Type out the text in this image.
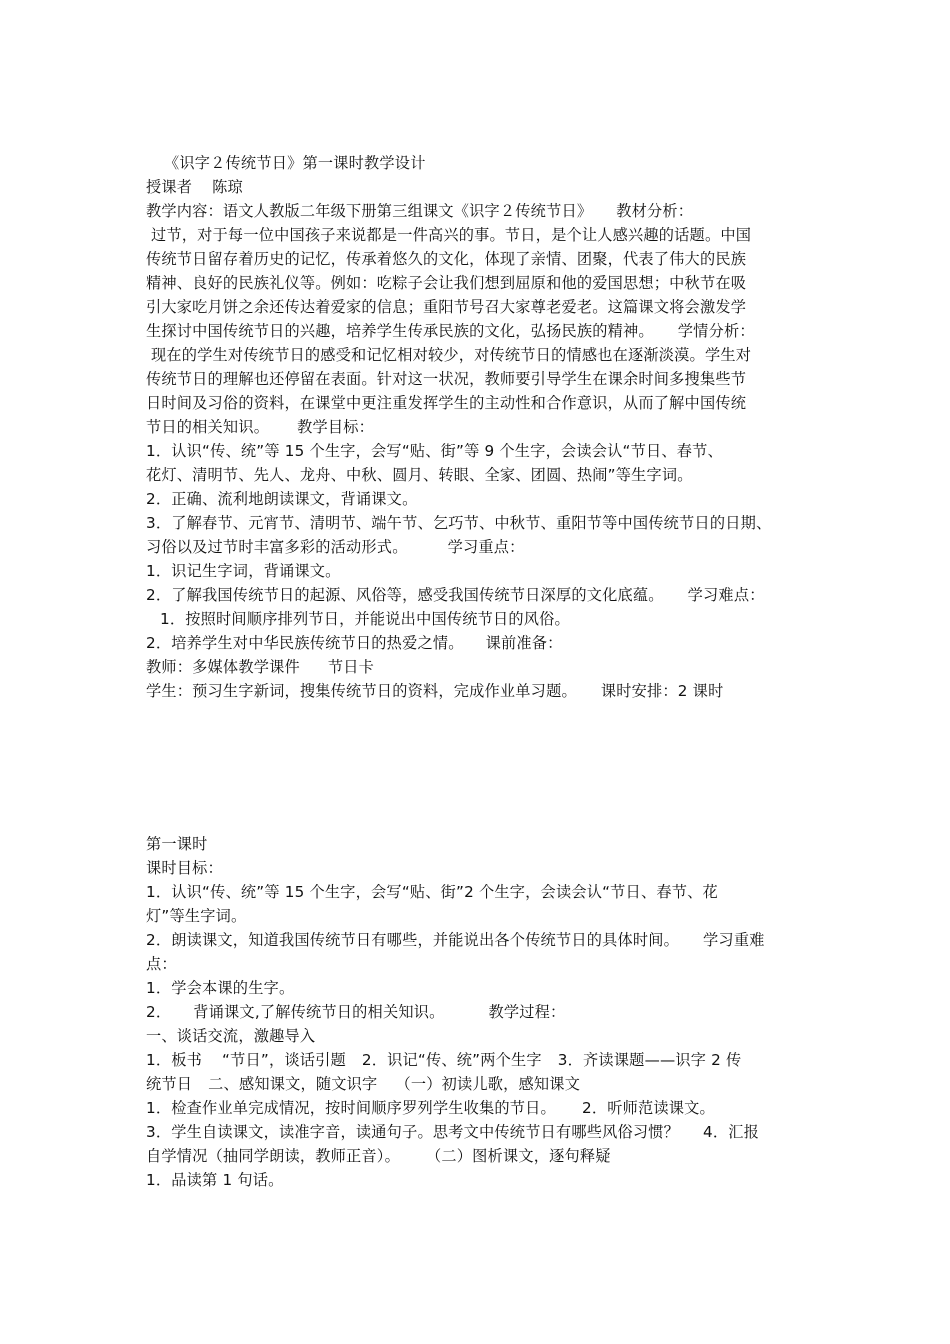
《识字２传统节日》第一课时教学设计
授课者 陈琼
教学内容：语文人教版二年级下册第三组课文《识字２传统节日》 教材分析：
过节，对于每一位中国孩子来说都是一件高兴的事。节日，是个让人感兴趣的话题。中国
传统节日留存着历史的记忆，传承着悠久的文化，体现了亲情、团聚，代表了伟大的民族
精神、良好的民族礼仪等。例如：吃粽子会让我们想到屈原和他的爱国思想；中秋节在吸
引大家吃月饼之余还传达着爱家的信息；重阳节号召大家尊老爱老。这篇课文将会激发学
生探讨中国传统节日的兴趣，培养学生传承民族的文化，弘扬民族的精神。 学情分析：
现在的学生对传统节日的感受和记忆相对较少，对传统节日的情感也在逐渐淡漠。学生对
传统节日的理解也还停留在表面。针对这一状况，教师要引导学生在课余时间多搜集些节
日时间及习俗的资料，在课堂中更注重发挥学生的主动性和合作意识，从而了解中国传统
节日的相关知识。 教学目标：
1．认识“传、统”等 15 个生字，会写“贴、街”等 9 个生字，会读会认“节日、春节、
花灯、清明节、先人、龙舟、中秋、圆月、转眼、全家、团圆、热闹”等生字词。
2．正确、流利地朗读课文，背诵课文。
3．了解春节、元宵节、清明节、端午节、乞巧节、中秋节、重阳节等中国传统节日的日期、
习俗以及过节时丰富多彩的活动形式。	学习重点：
1．识记生字词，背诵课文。
2．了解我国传统节日的起源、风俗等，感受我国传统节日深厚的文化底蕴。 学习难点：
1．按照时间顺序排列节日，并能说出中国传统节日的风俗。
2．培养学生对中华民族传统节日的热爱之情。 课前准备：
教师：多媒体教学课件 节日卡
学生：预习生字新词，搜集传统节日的资料，完成作业单习题。 课时安排：2 课时
第一课时
课时目标：
1．认识“传、统”等 15 个生字，会写“贴、街”2 个生字，会读会认“节日、春节、花
灯”等生字词。
2．朗读课文，知道我国传统节日有哪些，并能说出各个传统节日的具体时间。 学习重难
点：
1．学会本课的生字。
2． 背诵课文,了解传统节日的相关知识。	教学过程：
一、谈话交流，激趣导入
1．板书 “节日”，谈话引题 2．识记“传、统”两个生字 3．齐读课题——识字 2 传
统节日 二、感知课文，随文识字 （一）初读儿歌，感知课文
1．检查作业单完成情况，按时间顺序罗列学生收集的节日。 2．听师范读课文。
3．学生自读课文，读准字音，读通句子。思考文中传统节日有哪些风俗习惯？ 4．汇报
自学情况（抽同学朗读，教师正音）。 （二）图析课文，逐句释疑
1．品读第 1 句话。
